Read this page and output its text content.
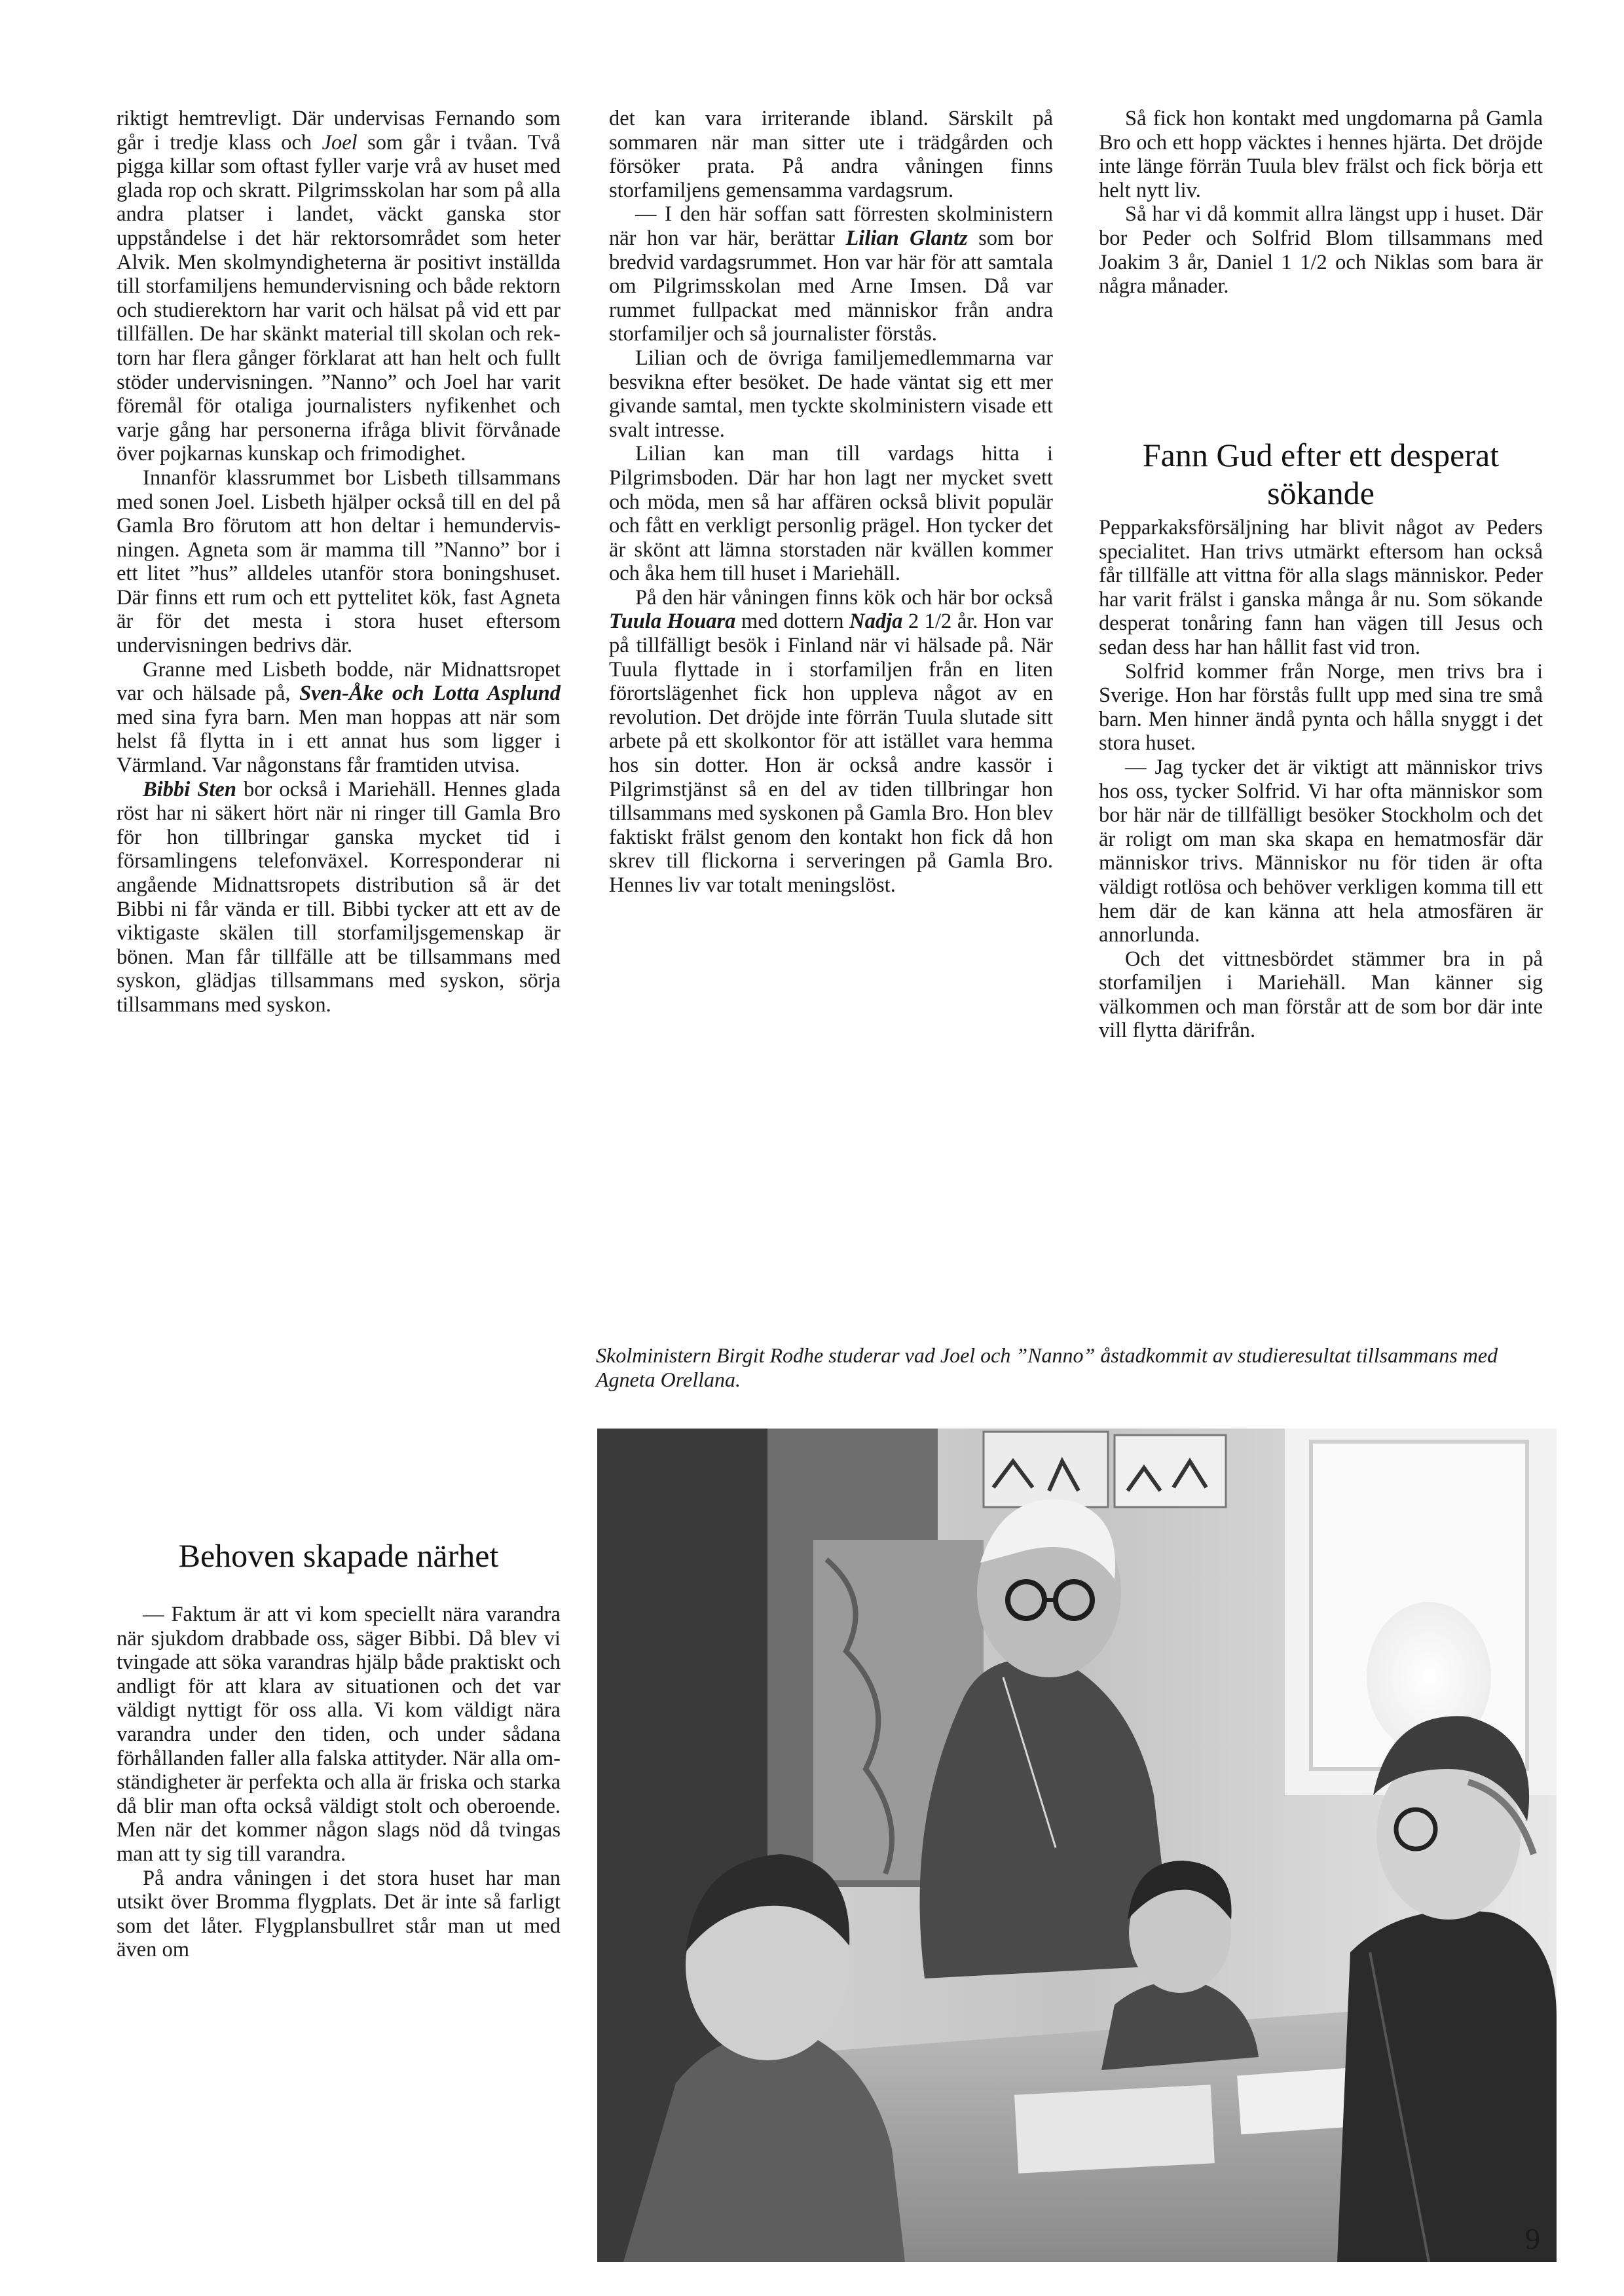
riktigt hemtrevligt. Där undervisas Fernando som går i tredje klass och Joel som går i tvåan. Två pigga killar som oftast fyller varje vrå av huset med glada rop och skratt. Pilgrimsskolan har som på alla andra platser i landet, väckt ganska stor uppståndelse i det här rektorsområdet som heter Alvik. Men skolmyndigheterna är positivt inställda till storfamiljens hemundervisning och både rektorn och studierektorn har varit och hälsat på vid ett par tillfällen. De har skänkt material till skolan och rektorn har flera gånger förklarat att han helt och fullt stöder undervisningen. ”Nanno” och Joel har varit föremål för otaliga journalisters nyfikenhet och varje gång har personerna ifråga blivit förvånade över pojkarnas kunskap och frimodighet.

Innanför klassrummet bor Lisbeth tillsammans med sonen Joel. Lisbeth hjälper också till en del på Gamla Bro förutom att hon deltar i hemundervisningen. Agneta som är mamma till ”Nanno” bor i ett litet ”hus” alldeles utanför stora boningshuset. Där finns ett rum och ett pyttelitet kök, fast Agneta är för det mesta i stora huset eftersom undervisningen bedrivs där.

Granne med Lisbeth bodde, när Midnattsropet var och hälsade på, Sven-Åke och Lotta Asplund med sina fyra barn. Men man hoppas att när som helst få flytta in i ett annat hus som ligger i Värmland. Var någonstans får framtiden utvisa.

Bibbi Sten bor också i Mariehäll. Hennes glada röst har ni säkert hört när ni ringer till Gamla Bro för hon tillbringar ganska mycket tid i församlingens telefonväxel. Korresponderar ni angående Midnattsropets distribution så är det Bibbi ni får vända er till. Bibbi tycker att ett av de viktigaste skälen till storfamiljsgemenskap är bönen. Man får tillfälle att be tillsammans med syskon, glädjas tillsammans med syskon, sörja tillsammans med syskon.

Behoven skapade närhet

— Faktum är att vi kom speciellt nära varandra när sjukdom drabbade oss, säger Bibbi. Då blev vi tvingade att söka varandras hjälp både praktiskt och andligt för att klara av situationen och det var väldigt nyttigt för oss alla. Vi kom väldigt nära varandra under den tiden, och under sådana förhållanden faller alla falska attityder. När alla omständigheter är perfekta och alla är friska och starka då blir man ofta också väldigt stolt och oberoende. Men när det kommer någon slags nöd då tvingas man att ty sig till varandra.

På andra våningen i det stora huset har man utsikt över Bromma flygplats. Det är inte så farligt som det låter. Flygplansbullret står man ut med även om

det kan vara irriterande ibland. Särskilt på sommaren när man sitter ute i trädgården och försöker prata. På andra våningen finns storfamiljens gemensamma vardagsrum.

— I den här soffan satt förresten skolministern när hon var här, berättar Lilian Glantz som bor bredvid vardagsrummet. Hon var här för att samtala om Pilgrimsskolan med Arne Imsen. Då var rummet fullpackat med människor från andra storfamiljer och så journalister förstås.

Lilian och de övriga familjemedlemmarna var besvikna efter besöket. De hade väntat sig ett mer givande samtal, men tyckte skolministern visade ett svalt intresse.

Lilian kan man till vardags hitta i Pilgrimsboden. Där har hon lagt ner mycket svett och möda, men så har affären också blivit populär och fått en verkligt personlig prägel. Hon tycker det är skönt att lämna storstaden när kvällen kommer och åka hem till huset i Mariehäll.

På den här våningen finns kök och här bor också Tuula Houara med dottern Nadja 2 1/2 år. Hon var på tillfälligt besök i Finland när vi hälsade på. När Tuula flyttade in i storfamiljen från en liten förortslägenhet fick hon uppleva något av en revolution. Det dröjde inte förrän Tuula slutade sitt arbete på ett skolkontor för att istället vara hemma hos sin dotter. Hon är också andre kassör i Pilgrimstjänst så en del av tiden tillbringar hon tillsammans med syskonen på Gamla Bro. Hon blev faktiskt frälst genom den kontakt hon fick då hon skrev till flickorna i serveringen på Gamla Bro. Hennes liv var totalt meningslöst.

Så fick hon kontakt med ungdomarna på Gamla Bro och ett hopp väcktes i hennes hjärta. Det dröjde inte länge förrän Tuula blev frälst och fick börja ett helt nytt liv.

Så har vi då kommit allra längst upp i huset. Där bor Peder och Solfrid Blom tillsammans med Joakim 3 år, Daniel 1 1/2 och Niklas som bara är några månader.

Fann Gud efter ett desperat sökande

Pepparkaksförsäljning har blivit något av Peders specialitet. Han trivs utmärkt eftersom han också får tillfälle att vittna för alla slags människor. Peder har varit frälst i ganska många år nu. Som sökande desperat tonåring fann han vägen till Jesus och sedan dess har han hållit fast vid tron.

Solfrid kommer från Norge, men trivs bra i Sverige. Hon har förstås fullt upp med sina tre små barn. Men hinner ändå pynta och hålla snyggt i det stora huset.

— Jag tycker det är viktigt att människor trivs hos oss, tycker Solfrid. Vi har ofta människor som bor här när de tillfälligt besöker Stockholm och det är roligt om man ska skapa en hematmosfär där människor trivs. Människor nu för tiden är ofta väldigt rotlösa och behöver verkligen komma till ett hem där de kan känna att hela atmosfären är annorlunda.

Och det vittnesbördet stämmer bra in på storfamiljen i Mariehäll. Man känner sig välkommen och man förstår att de som bor där inte vill flytta därifrån.

Skolministern Birgit Rodhe studerar vad Joel och ”Nanno” åstadkommit av studieresultat tillsammans med Agneta Orellana.
9
